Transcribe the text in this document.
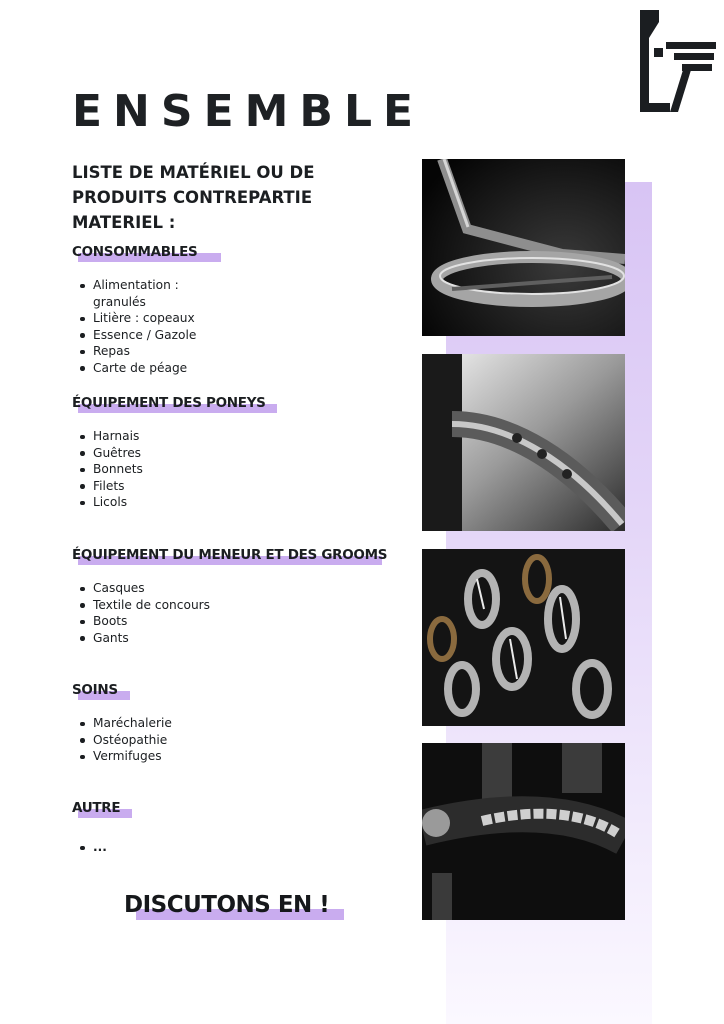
ENSEMBLE

LISTE DE MATÉRIEL OU DE PRODUITS CONTREPARTIE MATERIEL :

CONSOMMABLES
Alimentation : granulés
Litière : copeaux
Essence / Gazole
Repas
Carte de péage
ÉQUIPEMENT DES PONEYS
Harnais
Guêtres
Bonnets
Filets
Licols
ÉQUIPEMENT DU MENEUR ET DES GROOMS
Casques
Textile de concours
Boots
Gants
SOINS
Maréchalerie
Ostéopathie
Vermifuges
AUTRE
...

DISCUTONS EN !
